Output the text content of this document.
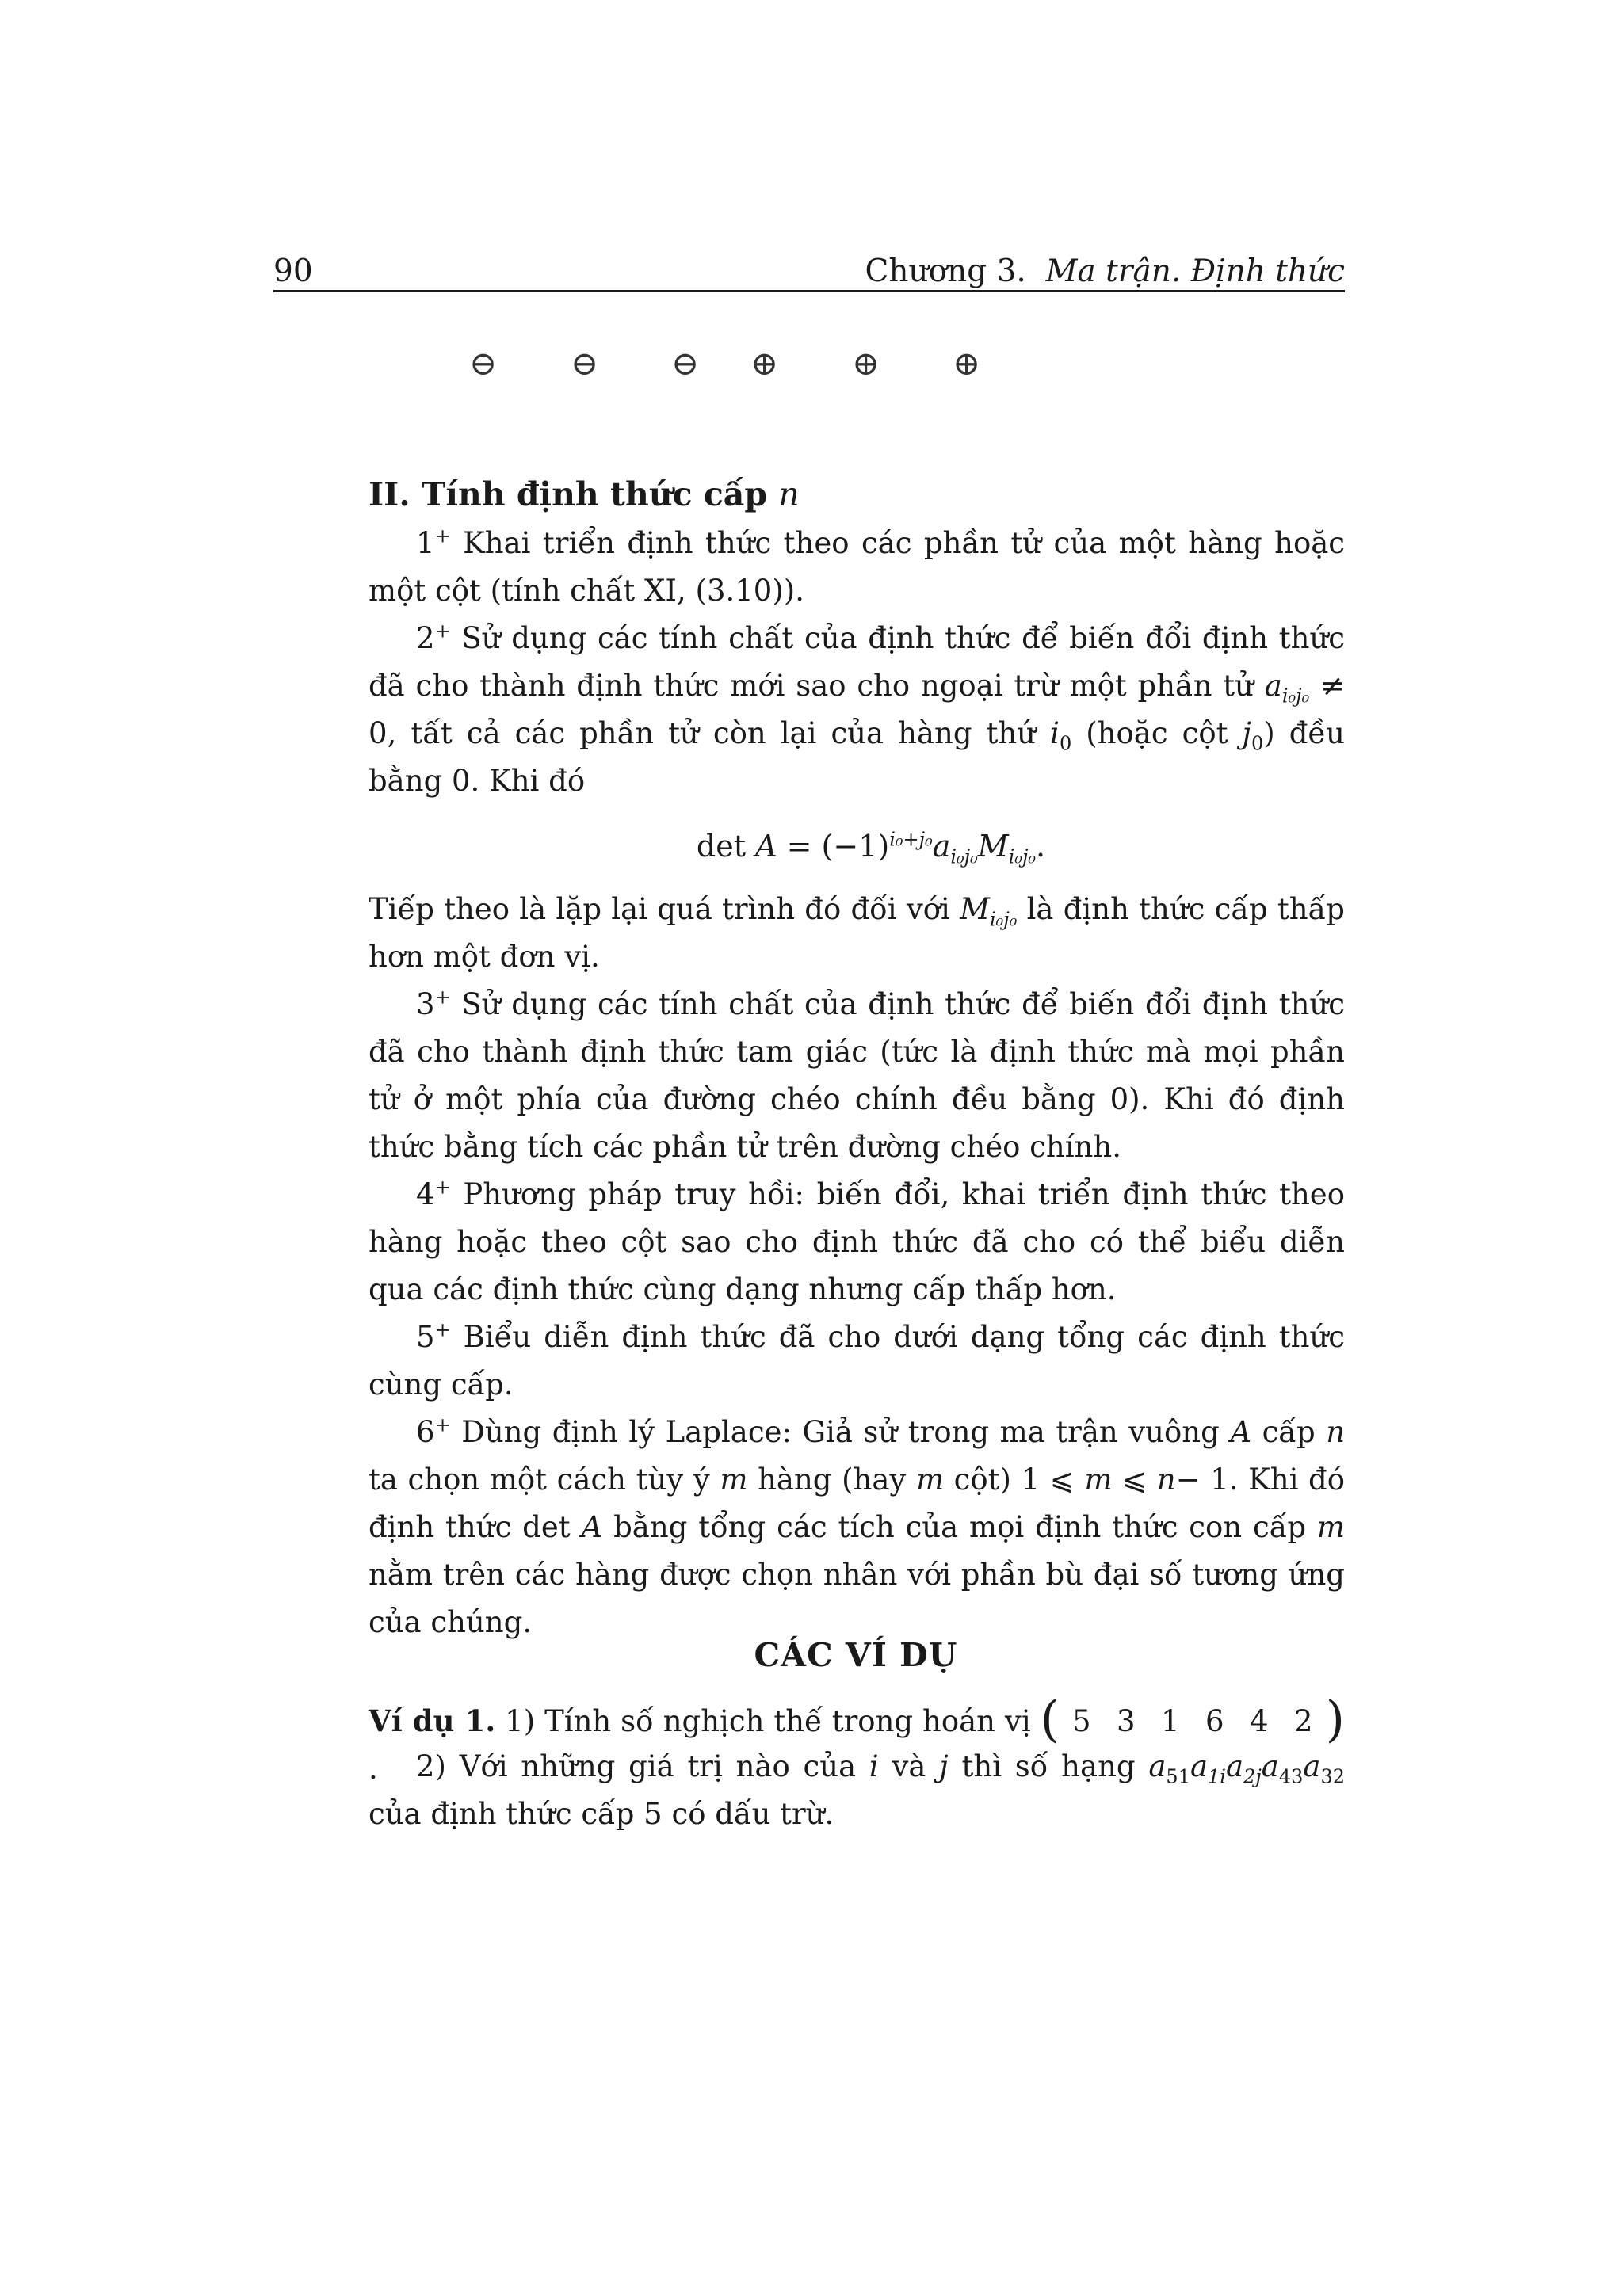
90	Chương 3. Ma trận. Định thức
⊖ ⊖ ⊖ ⊕ ⊕ ⊕
II. Tính định thức cấp n
1+ Khai triển định thức theo các phần tử của một hàng hoặc một cột (tính chất XI, (3.10)).
2+ Sử dụng các tính chất của định thức để biến đổi định thức đã cho thành định thức mới sao cho ngoại trừ một phần tử $a_{i_0j_0} \ne 0$, tất cả các phần tử còn lại của hàng thứ $i_0$ (hoặc cột $j_0$) đều bằng 0. Khi đó
$\det A = (-1)^{i_0+j_0}a_{i_0j_0}M_{i_0j_0}$.
Tiếp theo là lặp lại quá trình đó đối với $M_{i_0j_0}$ là định thức cấp thấp hơn một đơn vị.
3+ Sử dụng các tính chất của định thức để biến đổi định thức đã cho thành định thức tam giác (tức là định thức mà mọi phần tử ở một phía của đường chéo chính đều bằng 0). Khi đó định thức bằng tích các phần tử trên đường chéo chính.
4+ Phương pháp truy hồi: biến đổi, khai triển định thức theo hàng hoặc theo cột sao cho định thức đã cho có thể biểu diễn qua các định thức cùng dạng nhưng cấp thấp hơn.
5+ Biểu diễn định thức đã cho dưới dạng tổng các định thức cùng cấp.
6+ Dùng định lý Laplace: Giả sử trong ma trận vuông A cấp n ta chọn một cách tùy ý m hàng (hay m cột) 1 ⩽ m ⩽ n− 1. Khi đó định thức det A bằng tổng các tích của mọi định thức con cấp m nằm trên các hàng được chọn nhân với phần bù đại số tương ứng của chúng.
CÁC VÍ DỤ
Ví dụ 1. 1) Tính số nghịch thế trong hoán vị ( 5 3 1 6 4 2 ).	2) Với những giá trị nào của i và j thì số hạng $a_{51}a_{1i}a_{2j}a_{43}a_{32}$ của định thức cấp 5 có dấu trừ.
